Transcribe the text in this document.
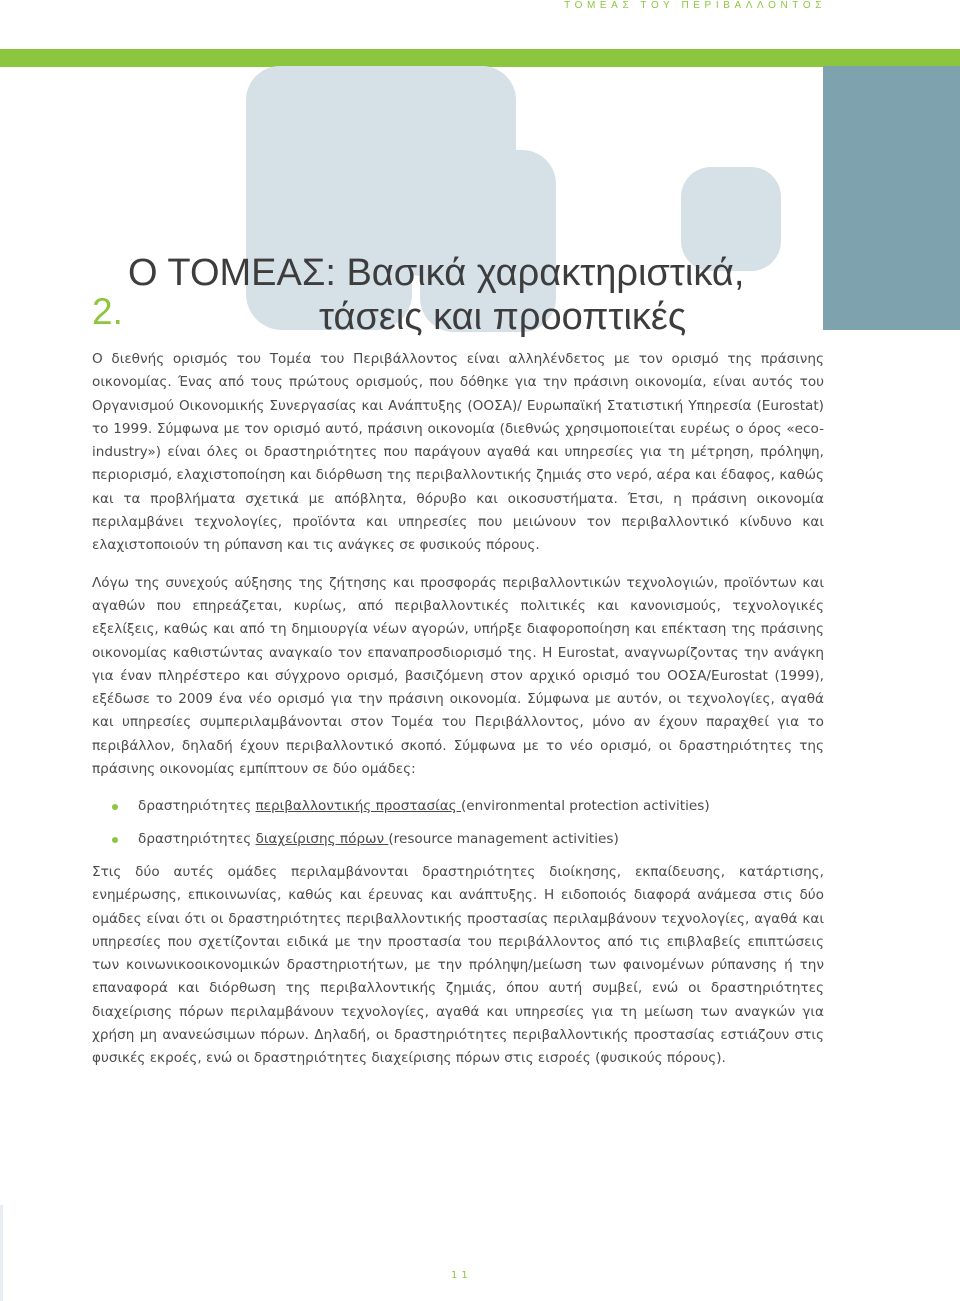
ΤΟΜΕΑΣ ΤΟΥ ΠΕΡΙΒΑΛΛΟΝΤΟΣ
2.
Ο ΤΟΜΕΑΣ: Βασικά χαρακτηριστικά,
τάσεις και προοπτικές

Ο διεθνής ορισμός του Τομέα του Περιβάλλοντος είναι αλληλένδετος με τον ορισμό της πράσινης οικονομίας. Ένας από τους πρώτους ορισμούς, που δόθηκε για την πράσινη οικονομία, είναι αυτός του Οργανισμού Οικονομικής Συνεργασίας και Ανάπτυξης (ΟΟΣΑ)/ Ευρωπαϊκή Στατιστική Υπηρεσία (Eurostat) το 1999. Σύμφωνα με τον ορισμό αυτό, πράσινη οικονομία (διεθνώς χρησιμοποιείται ευρέως ο όρος «eco-industry») είναι όλες οι δραστηριότητες που παράγουν αγαθά και υπηρεσίες για τη μέτρηση, πρόληψη, περιορισμό, ελαχιστοποίηση και διόρθωση της περιβαλλοντικής ζημιάς στο νερό, αέρα και έδαφος, καθώς και τα προβλήματα σχετικά με απόβλητα, θόρυβο και οικοσυστήματα. Έτσι, η πράσινη οικονομία περιλαμβάνει τεχνολογίες, προϊόντα και υπηρεσίες που μειώνουν τον περιβαλλοντικό κίνδυνο και ελαχιστοποιούν τη ρύπανση και τις ανάγκες σε φυσικούς πόρους.

Λόγω της συνεχούς αύξησης της ζήτησης και προσφοράς περιβαλλοντικών τεχνολογιών, προϊόντων και αγαθών που επηρεάζεται, κυρίως, από περιβαλλοντικές πολιτικές και κανονισμούς, τεχνολογικές εξελίξεις, καθώς και από τη δημιουργία νέων αγορών, υπήρξε διαφοροποίηση και επέκταση της πράσινης οικονομίας καθιστώντας αναγκαίο τον επαναπροσδιορισμό της. Η Eurostat, αναγνωρίζοντας την ανάγκη για έναν πληρέστερο και σύγχρονο ορισμό, βασιζόμενη στον αρχικό ορισμό του ΟΟΣΑ/Eurostat (1999), εξέδωσε το 2009 ένα νέο ορισμό για την πράσινη οικονομία. Σύμφωνα με αυτόν, οι τεχνολογίες, αγαθά και υπηρεσίες συμπεριλαμβάνονται στον Τομέα του Περιβάλλοντος, μόνο αν έχουν παραχθεί για το περιβάλλον, δηλαδή έχουν περιβαλλοντικό σκοπό. Σύμφωνα με το νέο ορισμό, οι δραστηριότητες της πράσινης οικονομίας εμπίπτουν σε δύο ομάδες:

δραστηριότητες περιβαλλοντικής προστασίας (environmental protection activities)
δραστηριότητες διαχείρισης πόρων (resource management activities)

Στις δύο αυτές ομάδες περιλαμβάνονται δραστηριότητες διοίκησης, εκπαίδευσης, κατάρτισης, ενημέρωσης, επικοινωνίας, καθώς και έρευνας και ανάπτυξης. Η ειδοποιός διαφορά ανάμεσα στις δύο ομάδες είναι ότι οι δραστηριότητες περιβαλλοντικής προστασίας περιλαμβάνουν τεχνολογίες, αγαθά και υπηρεσίες που σχετίζονται ειδικά με την προστασία του περιβάλλοντος από τις επιβλαβείς επιπτώσεις των κοινωνικοοικονομικών δραστηριοτήτων, με την πρόληψη/μείωση των φαινομένων ρύπανσης ή την επαναφορά και διόρθωση της περιβαλλοντικής ζημιάς, όπου αυτή συμβεί, ενώ οι δραστηριότητες διαχείρισης πόρων περιλαμβάνουν τεχνολογίες, αγαθά και υπηρεσίες για τη μείωση των αναγκών για χρήση μη ανανεώσιμων πόρων. Δηλαδή, οι δραστηριότητες περιβαλλοντικής προστασίας εστιάζουν στις φυσικές εκροές, ενώ οι δραστηριότητες διαχείρισης πόρων στις εισροές (φυσικούς πόρους).

11
